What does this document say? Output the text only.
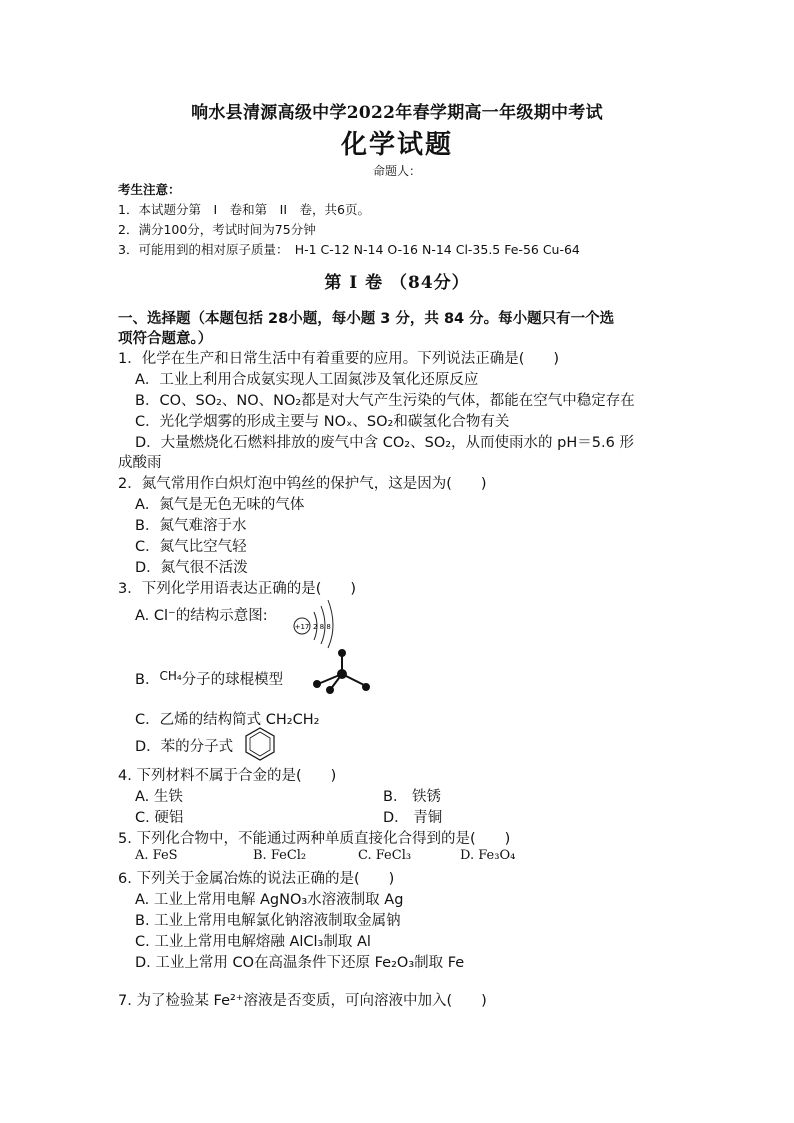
响水县清源高级中学2022年春学期高一年级期中考试
化学试题
命题人：
考生注意：
1．本试题分第　I　卷和第　II　卷，共6页。
2．满分100分，考试时间为75分钟
3．可能用到的相对原子质量：　H-1 C-12 N-14 O-16 N-14 Cl-35.5 Fe-56 Cu-64
第 I 卷 （84分）
一、选择题（本题包括 28小题，每小题 3 分，共 84 分。每小题只有一个选
项符合题意。）
1．化学在生产和日常生活中有着重要的应用。下列说法正确是(　　)
A．工业上利用合成氨实现人工固氮涉及氧化还原反应
B．CO、SO₂、NO、NO₂都是对大气产生污染的气体，都能在空气中稳定存在
C．光化学烟雾的形成主要与 NOₓ、SO₂和碳氢化合物有关
D．大量燃烧化石燃料排放的废气中含 CO₂、SO₂，从而使雨水的 pH＝5.6 形
成酸雨
2．氮气常用作白炽灯泡中钨丝的保护气，这是因为(　　)
A．氮气是无色无味的气体
B．氮气难溶于水
C．氮气比空气轻
D．氮气很不活泼
3．下列化学用语表达正确的是(　　)
A. Cl⁻的结构示意图:
+17 2 8 8
B．$^{CH_4}$分子的球棍模型
C．乙烯的结构简式 CH₂CH₂
D．苯的分子式
4. 下列材料不属于合金的是(　　)
A. 生铁	B． 铁锈
C. 硬铝	D． 青铜
5. 下列化合物中，不能通过两种单质直接化合得到的是(　　)
A. FeS	B. FeCl₂	C. FeCl₃	D. Fe₃O₄
6. 下列关于金属冶炼的说法正确的是(　　)
A. 工业上常用电解 AgNO₃水溶液制取 Ag
B. 工业上常用电解氯化钠溶液制取金属钠
C. 工业上常用电解熔融 AlCl₃制取 Al
D. 工业上常用 CO在高温条件下还原 Fe₂O₃制取 Fe
7. 为了检验某 Fe²⁺溶液是否变质，可向溶液中加入(　　)
